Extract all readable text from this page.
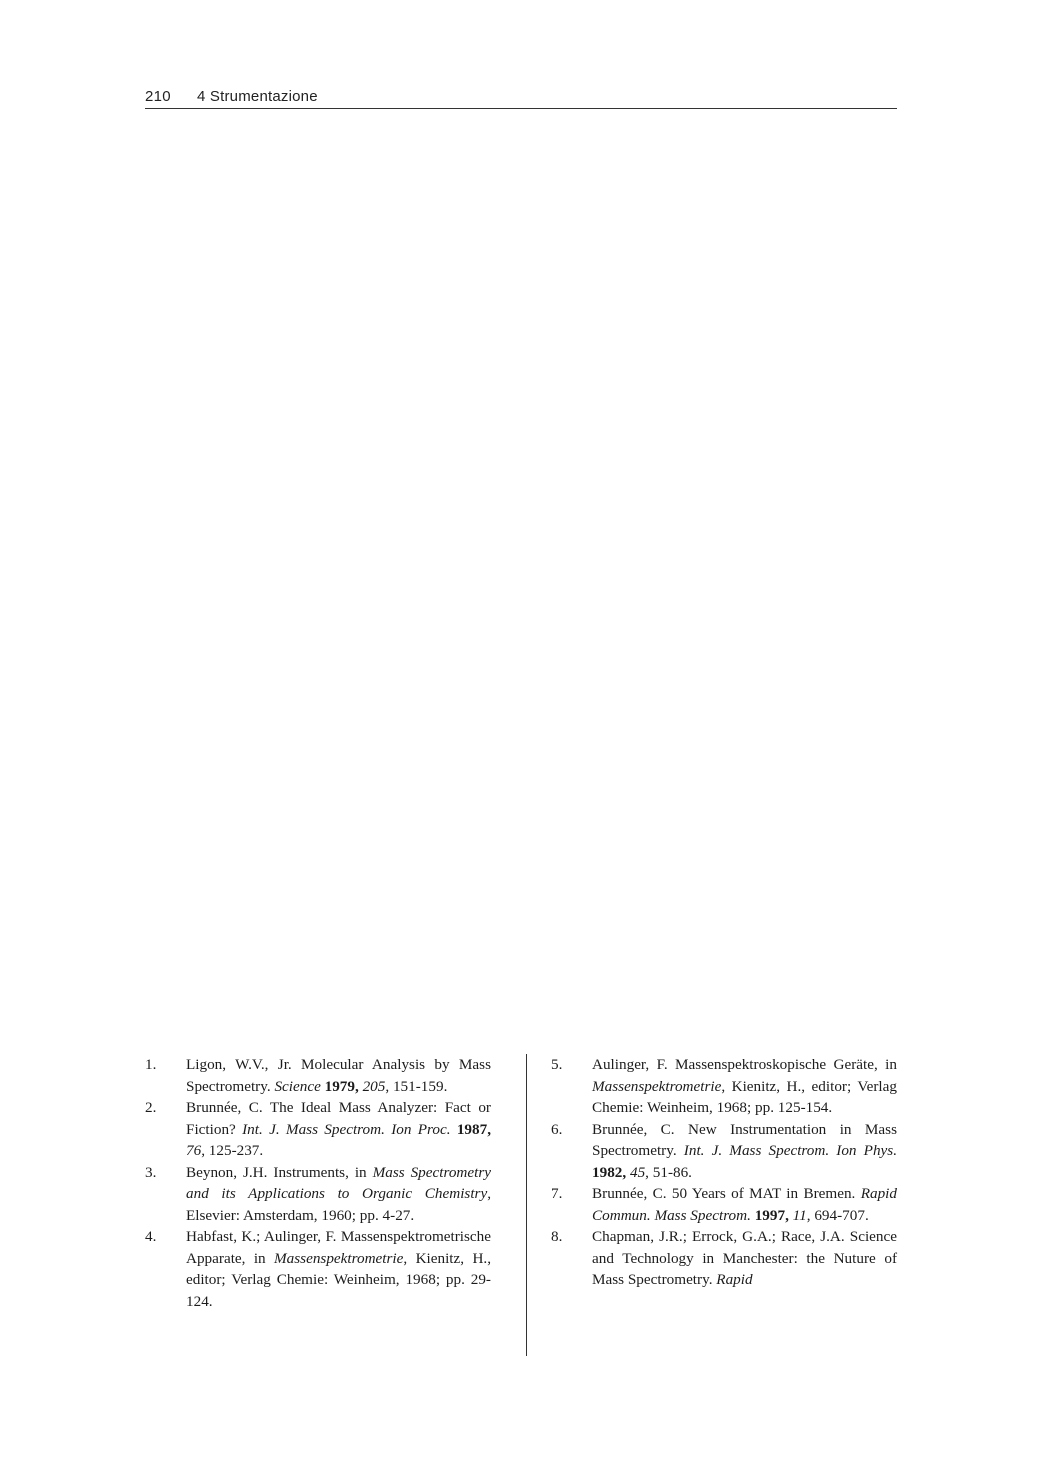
210 4 Strumentazione

1. Ligon, W.V., Jr. Molecular Analysis by Mass Spectrometry. Science 1979, 205, 151-159.

2. Brunnée, C. The Ideal Mass Analyzer: Fact or Fiction? Int. J. Mass Spectrom. Ion Proc. 1987, 76, 125-237.

3. Beynon, J.H. Instruments, in Mass Spectrometry and its Applications to Organic Chemistry, Elsevier: Amsterdam, 1960; pp. 4-27.

4. Habfast, K.; Aulinger, F. Massenspektrometrische Apparate, in Massenspektrometrie, Kienitz, H., editor; Verlag Chemie: Weinheim, 1968; pp. 29-124.

5. Aulinger, F. Massenspektroskopische Geräte, in Massenspektrometrie, Kienitz, H., editor; Verlag Chemie: Weinheim, 1968; pp. 125-154.

6. Brunnée, C. New Instrumentation in Mass Spectrometry. Int. J. Mass Spectrom. Ion Phys. 1982, 45, 51-86.

7. Brunnée, C. 50 Years of MAT in Bremen. Rapid Commun. Mass Spectrom. 1997, 11, 694-707.

8. Chapman, J.R.; Errock, G.A.; Race, J.A. Science and Technology in Manchester: the Nuture of Mass Spectrometry. Rapid
